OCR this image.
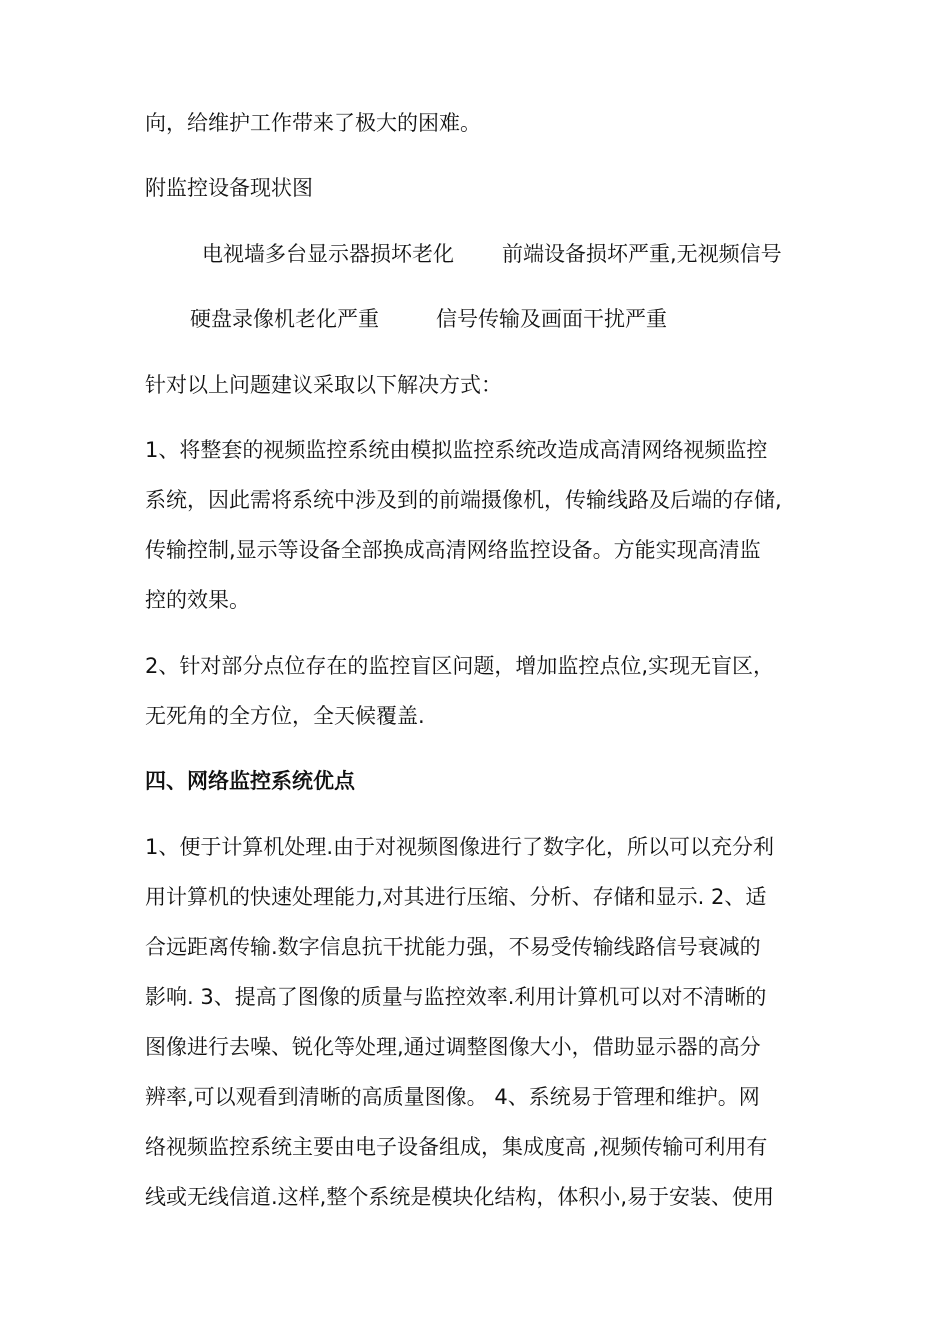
向，给维护工作带来了极大的困难。
附监控设备现状图
电视墙多台显示器损坏老化 前端设备损坏严重,无视频信号
硬盘录像机老化严重	信号传输及画面干扰严重
针对以上问题建议采取以下解决方式：
1、将整套的视频监控系统由模拟监控系统改造成高清网络视频监控
系统，因此需将系统中涉及到的前端摄像机，传输线路及后端的存储,
传输控制,显示等设备全部换成高清网络监控设备。方能实现高清监
控的效果。
2、针对部分点位存在的监控盲区问题，增加监控点位,实现无盲区，
无死角的全方位，全天候覆盖.
四、网络监控系统优点
1、便于计算机处理.由于对视频图像进行了数字化，所以可以充分利
用计算机的快速处理能力,对其进行压缩、分析、存储和显示. 2、适
合远距离传输.数字信息抗干扰能力强，不易受传输线路信号衰减的
影响. 3、提高了图像的质量与监控效率.利用计算机可以对不清晰的
图像进行去噪、锐化等处理,通过调整图像大小，借助显示器的高分
辨率,可以观看到清晰的高质量图像。 4、系统易于管理和维护。网
络视频监控系统主要由电子设备组成，集成度高 ,视频传输可利用有
线或无线信道.这样,整个系统是模块化结构，体积小,易于安装、使用
